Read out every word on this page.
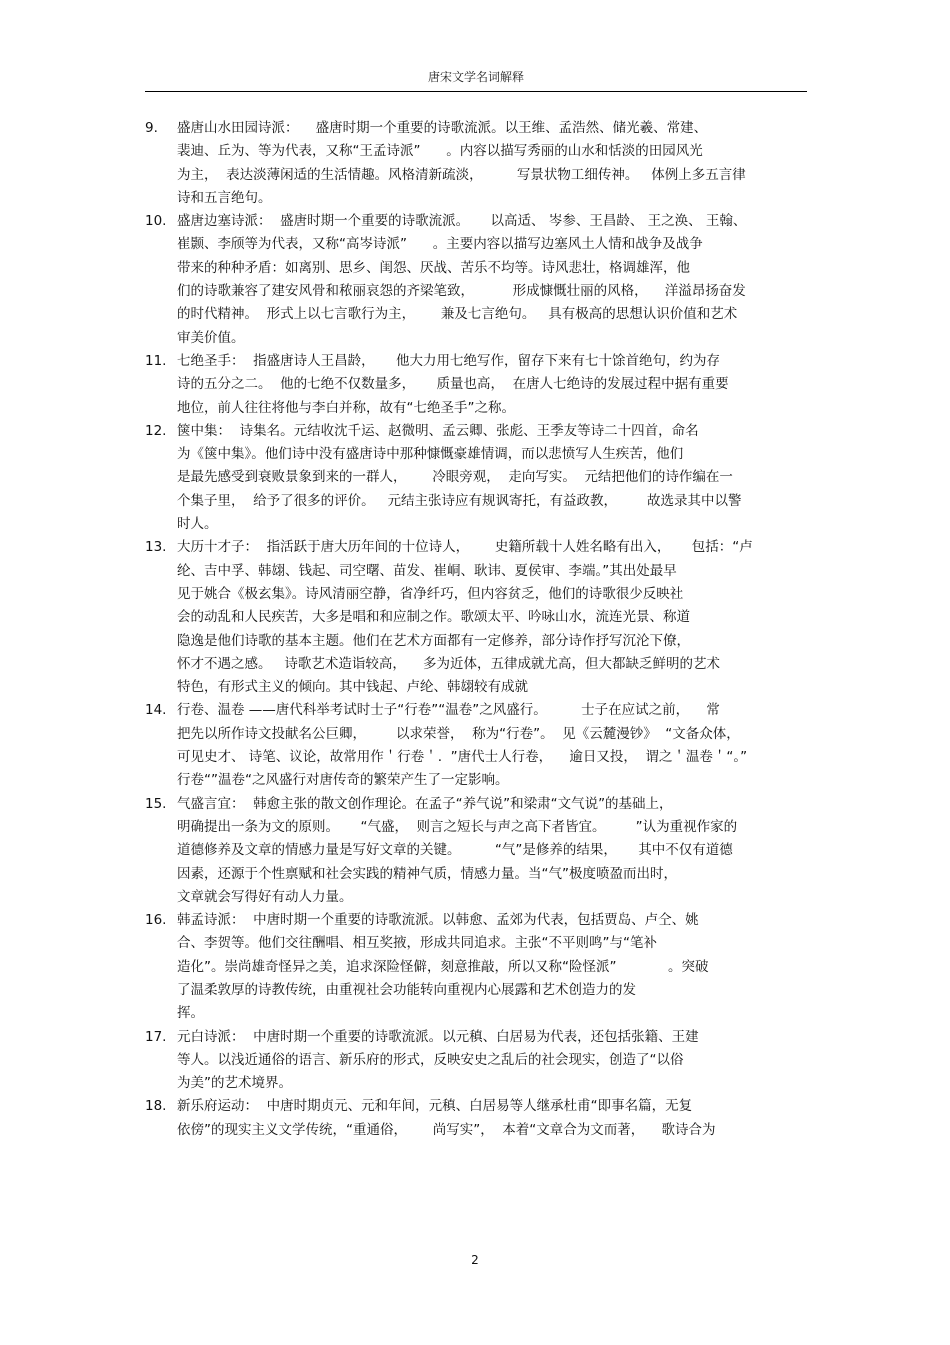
唐宋文学名词解释
9. 盛唐山水田园诗派：    盛唐时期一个重要的诗歌流派。以王维、孟浩然、储光羲、常建、
裴迪、丘为、等为代表，又称“王孟诗派”      。内容以描写秀丽的山水和恬淡的田园风光
为主，  表达淡薄闲适的生活情趣。风格清新疏淡，        写景状物工细传神。   体例上多五言律
诗和五言绝句。
10. 盛唐边塞诗派：  盛唐时期一个重要的诗歌流派。     以高适、 岑参、王昌龄、 王之涣、 王翰、
崔颢、李颀等为代表，又称“高岑诗派”      。主要内容以描写边塞风土人情和战争及战争
带来的种种矛盾：如离别、思乡、闺怨、厌战、苦乐不均等。诗风悲壮，格调雄浑，他
们的诗歌兼容了建安风骨和秾丽哀怨的齐梁笔致，         形成慷慨壮丽的风格，    洋溢昂扬奋发
的时代精神。  形式上以七言歌行为主，      兼及七言绝句。   具有极高的思想认识价值和艺术
审美价值。
11. 七绝圣手：  指盛唐诗人王昌龄，     他大力用七绝写作，留存下来有七十馀首绝句，约为存
诗的五分之二。  他的七绝不仅数量多，     质量也高，  在唐人七绝诗的发展过程中据有重要
地位，前人往往将他与李白并称，故有“七绝圣手”之称。
12. 箧中集：  诗集名。元结收沈千运、赵微明、孟云卿、张彪、王季友等诗二十四首，命名
为《箧中集》。他们诗中没有盛唐诗中那种慷慨豪雄情调，而以悲愤写人生疾苦，他们
是最先感受到衰败景象到来的一群人，      冷眼旁观，  走向写实。  元结把他们的诗作编在一
个集子里，  给予了很多的评价。   元结主张诗应有规讽寄托，有益政教，       故选录其中以警
时人。
13. 大历十才子：  指活跃于唐大历年间的十位诗人，      史籍所载十人姓名略有出入，     包括：“卢
纶、吉中孚、韩翃、钱起、司空曙、苗发、崔峒、耿讳、夏侯审、李端。”其出处最早
见于姚合《极玄集》。诗风清丽空静，省净纤巧，但内容贫乏，他们的诗歌很少反映社
会的动乱和人民疾苦，大多是唱和和应制之作。歌颂太平、吟咏山水，流连光景、称道
隐逸是他们诗歌的基本主题。他们在艺术方面都有一定修养，部分诗作抒写沉沦下僚，
怀才不遇之感。   诗歌艺术造诣较高，    多为近体，五律成就尤高，但大都缺乏鲜明的艺术
特色，有形式主义的倾向。其中钱起、卢纶、韩翃较有成就
14. 行卷、温卷 ——唐代科举考试时士子“行卷”“温卷”之风盛行。        士子在应试之前，    常
把先以所作诗文投献名公巨卿，       以求荣誉，  称为“行卷”。  见《云麓漫钞》  “文备众体，
可见史才、 诗笔、议论，故常用作＇行卷＇.  ”唐代士人行卷，    逾日又投，  谓之＇温卷＇“。”
行卷“”温卷“之风盛行对唐传奇的繁荣产生了一定影响。
15. 气盛言宜：  韩愈主张的散文创作理论。在孟子“养气说”和梁肃“文气说”的基础上，
明确提出一条为文的原则。     “气盛，  则言之短长与声之高下者皆宜。       ”认为重视作家的
道德修养及文章的情感力量是写好文章的关键。        “气”是修养的结果，     其中不仅有道德
因素，还源于个性禀赋和社会实践的精神气质，情感力量。当“气”极度喷盈而出时，
文章就会写得好有动人力量。
16. 韩孟诗派：  中唐时期一个重要的诗歌流派。以韩愈、孟郊为代表，包括贾岛、卢仝、姚
合、李贺等。他们交往酬唱、相互奖掖，形成共同追求。主张“不平则鸣”与“笔补
造化”。崇尚雄奇怪异之美，追求深险怪僻，刻意推敲，所以又称“险怪派”            。突破
了温柔敦厚的诗教传统，由重视社会功能转向重视内心展露和艺术创造力的发
挥。
17. 元白诗派：  中唐时期一个重要的诗歌流派。以元稹、白居易为代表，还包括张籍、王建
等人。以浅近通俗的语言、新乐府的形式，反映安史之乱后的社会现实，创造了“以俗
为美”的艺术境界。
18. 新乐府运动：  中唐时期贞元、元和年间，元稹、白居易等人继承杜甫“即事名篇，无复
依傍”的现实主义文学传统，“重通俗，      尚写实”，  本着“文章合为文而著，    歌诗合为
2
